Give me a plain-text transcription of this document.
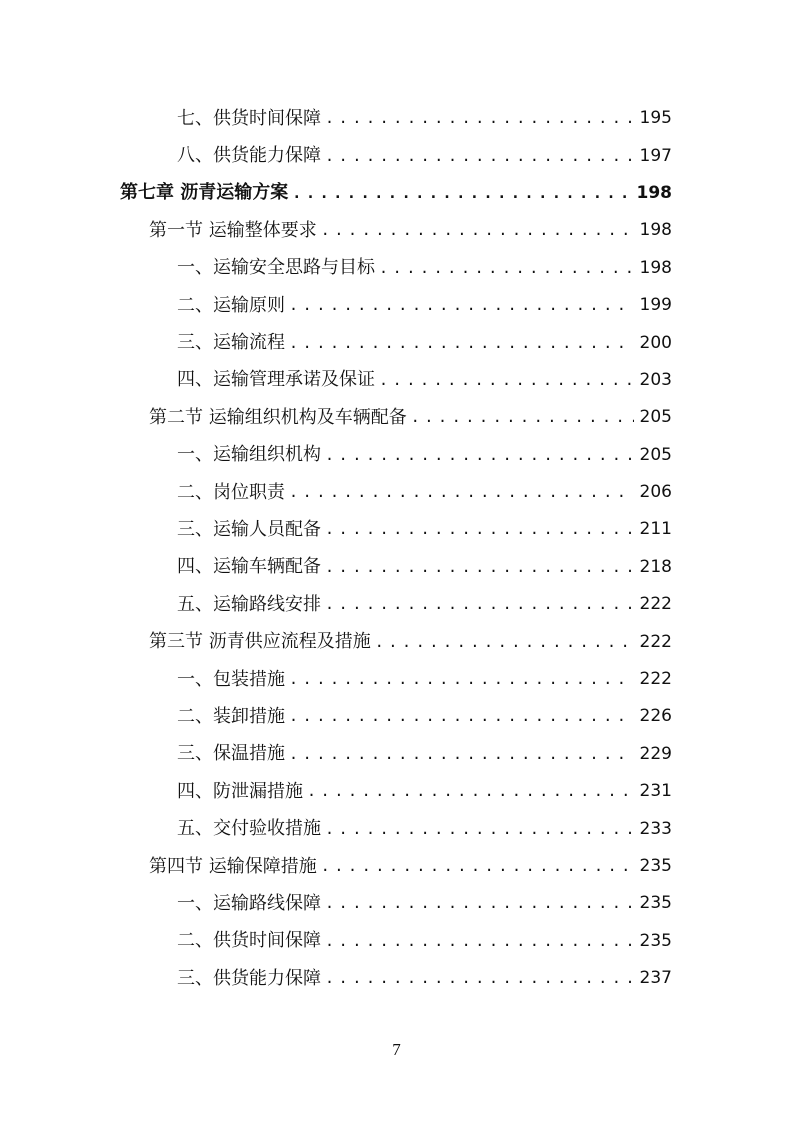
七、供货时间保障 . . .	195
八、供货能力保障 . . .	197
第七章 沥青运输方案 . . .	198
第一节 运输整体要求 . . .	198
一、运输安全思路与目标 . . .	198
二、运输原则 . . .	199
三、运输流程 . . .	200
四、运输管理承诺及保证 . . .	203
第二节 运输组织机构及车辆配备 . . .	205
一、运输组织机构 . . .	205
二、岗位职责 . . .	206
三、运输人员配备 . . .	211
四、运输车辆配备 . . .	218
五、运输路线安排 . . .	222
第三节 沥青供应流程及措施 . . .	222
一、包装措施 . . .	222
二、装卸措施 . . .	226
三、保温措施 . . .	229
四、防泄漏措施 . . .	231
五、交付验收措施 . . .	233
第四节 运输保障措施 . . .	235
一、运输路线保障 . . .	235
二、供货时间保障 . . .	235
三、供货能力保障 . . .	237
7
